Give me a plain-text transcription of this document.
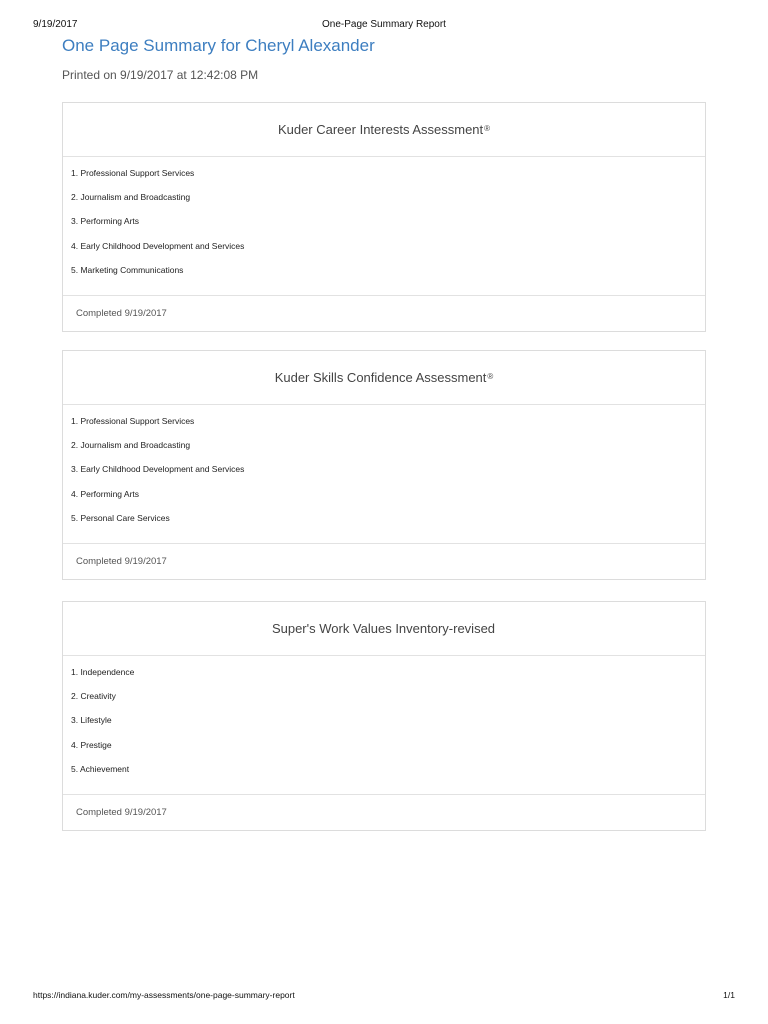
9/19/2017	One-Page Summary Report
One Page Summary for Cheryl Alexander
Printed on 9/19/2017 at 12:42:08 PM
Kuder Career Interests Assessment®
1. Professional Support Services
2. Journalism and Broadcasting
3. Performing Arts
4. Early Childhood Development and Services
5. Marketing Communications
Completed 9/19/2017
Kuder Skills Confidence Assessment®
1. Professional Support Services
2. Journalism and Broadcasting
3. Early Childhood Development and Services
4. Performing Arts
5. Personal Care Services
Completed 9/19/2017
Super's Work Values Inventory-revised
1. Independence
2. Creativity
3. Lifestyle
4. Prestige
5. Achievement
Completed 9/19/2017
https://indiana.kuder.com/my-assessments/one-page-summary-report	1/1
